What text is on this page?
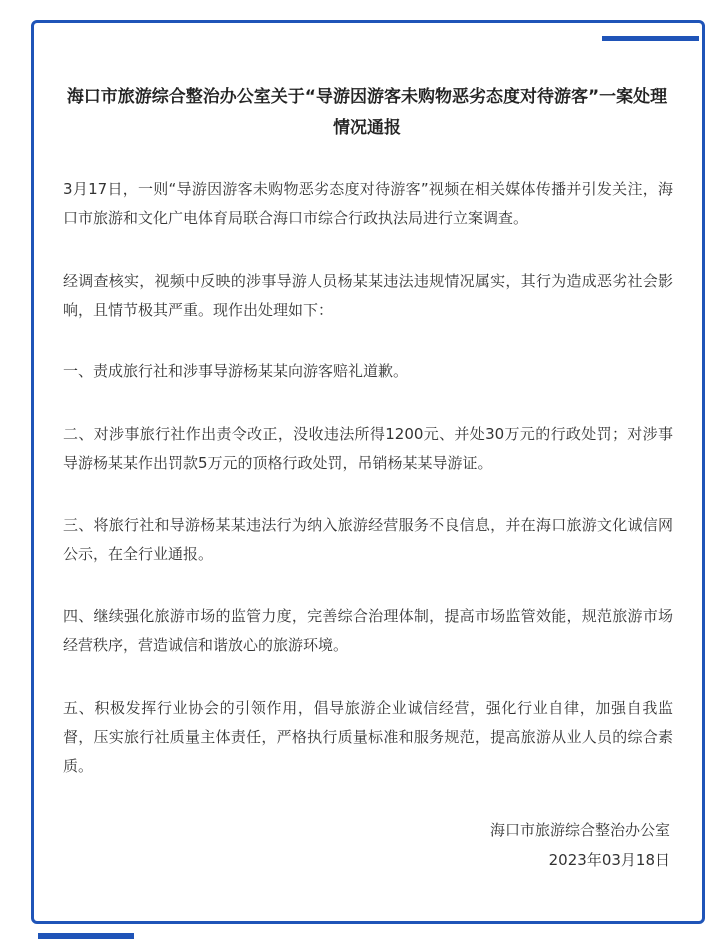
海口市旅游综合整治办公室关于“导游因游客未购物恶劣态度对待游客”一案处理情况通报

3月17日，一则“导游因游客未购物恶劣态度对待游客”视频在相关媒体传播并引发关注，海口市旅游和文化广电体育局联合海口市综合行政执法局进行立案调查。

经调查核实，视频中反映的涉事导游人员杨某某违法违规情况属实，其行为造成恶劣社会影响，且情节极其严重。现作出处理如下：

一、责成旅行社和涉事导游杨某某向游客赔礼道歉。

二、对涉事旅行社作出责令改正，没收违法所得1200元、并处30万元的行政处罚；对涉事导游杨某某作出罚款5万元的顶格行政处罚，吊销杨某某导游证。

三、将旅行社和导游杨某某违法行为纳入旅游经营服务不良信息，并在海口旅游文化诚信网公示，在全行业通报。

四、继续强化旅游市场的监管力度，完善综合治理体制，提高市场监管效能，规范旅游市场经营秩序，营造诚信和谐放心的旅游环境。

五、积极发挥行业协会的引领作用，倡导旅游企业诚信经营，强化行业自律，加强自我监督，压实旅行社质量主体责任，严格执行质量标准和服务规范，提高旅游从业人员的综合素质。

海口市旅游综合整治办公室
2023年03月18日
